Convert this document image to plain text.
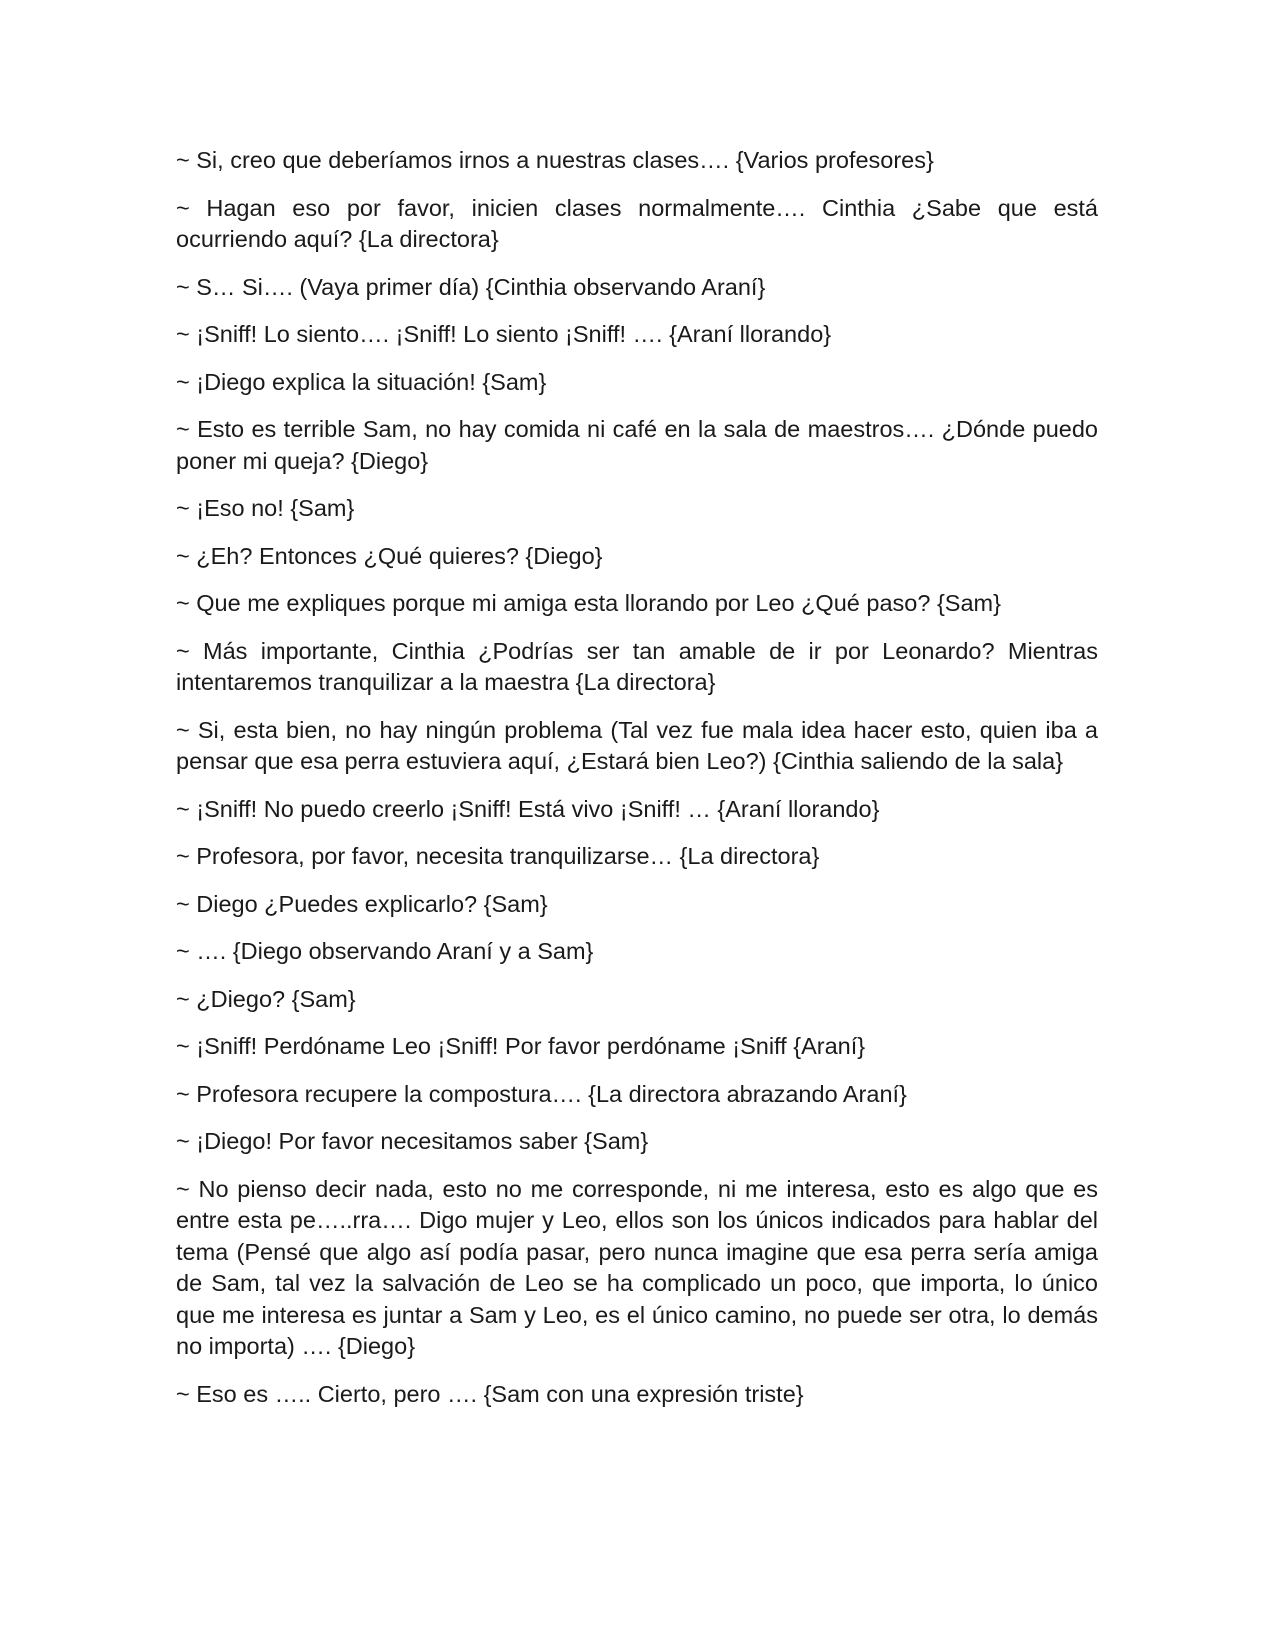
~ Si, creo que deberíamos irnos a nuestras clases…. {Varios profesores}

~ Hagan eso por favor, inicien clases normalmente…. Cinthia ¿Sabe que está ocurriendo aquí? {La directora}

~ S… Si…. (Vaya primer día) {Cinthia observando Araní}

~ ¡Sniff! Lo siento…. ¡Sniff! Lo siento ¡Sniff! …. {Araní llorando}

~ ¡Diego explica la situación! {Sam}

~ Esto es terrible Sam, no hay comida ni café en la sala de maestros…. ¿Dónde puedo poner mi queja? {Diego}

~ ¡Eso no! {Sam}

~ ¿Eh? Entonces ¿Qué quieres? {Diego}

~ Que me expliques porque mi amiga esta llorando por Leo ¿Qué paso? {Sam}

~ Más importante, Cinthia ¿Podrías ser tan amable de ir por Leonardo? Mientras intentaremos tranquilizar a la maestra {La directora}

~ Si, esta bien, no hay ningún problema (Tal vez fue mala idea hacer esto, quien iba a pensar que esa perra estuviera aquí, ¿Estará bien Leo?) {Cinthia saliendo de la sala}

~ ¡Sniff! No puedo creerlo ¡Sniff! Está vivo ¡Sniff! … {Araní llorando}

~ Profesora, por favor, necesita tranquilizarse… {La directora}

~ Diego ¿Puedes explicarlo? {Sam}

~ …. {Diego observando Araní y a Sam}

~ ¿Diego? {Sam}

~ ¡Sniff! Perdóname Leo ¡Sniff! Por favor perdóname ¡Sniff {Araní}

~ Profesora recupere la compostura…. {La directora abrazando Araní}

~ ¡Diego! Por favor necesitamos saber {Sam}

~ No pienso decir nada, esto no me corresponde, ni me interesa, esto es algo que es entre esta pe…..rra…. Digo mujer y Leo, ellos son los únicos indicados para hablar del tema (Pensé que algo así podía pasar, pero nunca imagine que esa perra sería amiga de Sam, tal vez la salvación de Leo se ha complicado un poco, que importa, lo único que me interesa es juntar a Sam y Leo, es el único camino, no puede ser otra, lo demás no importa) …. {Diego}

~ Eso es ….. Cierto, pero …. {Sam con una expresión triste}
